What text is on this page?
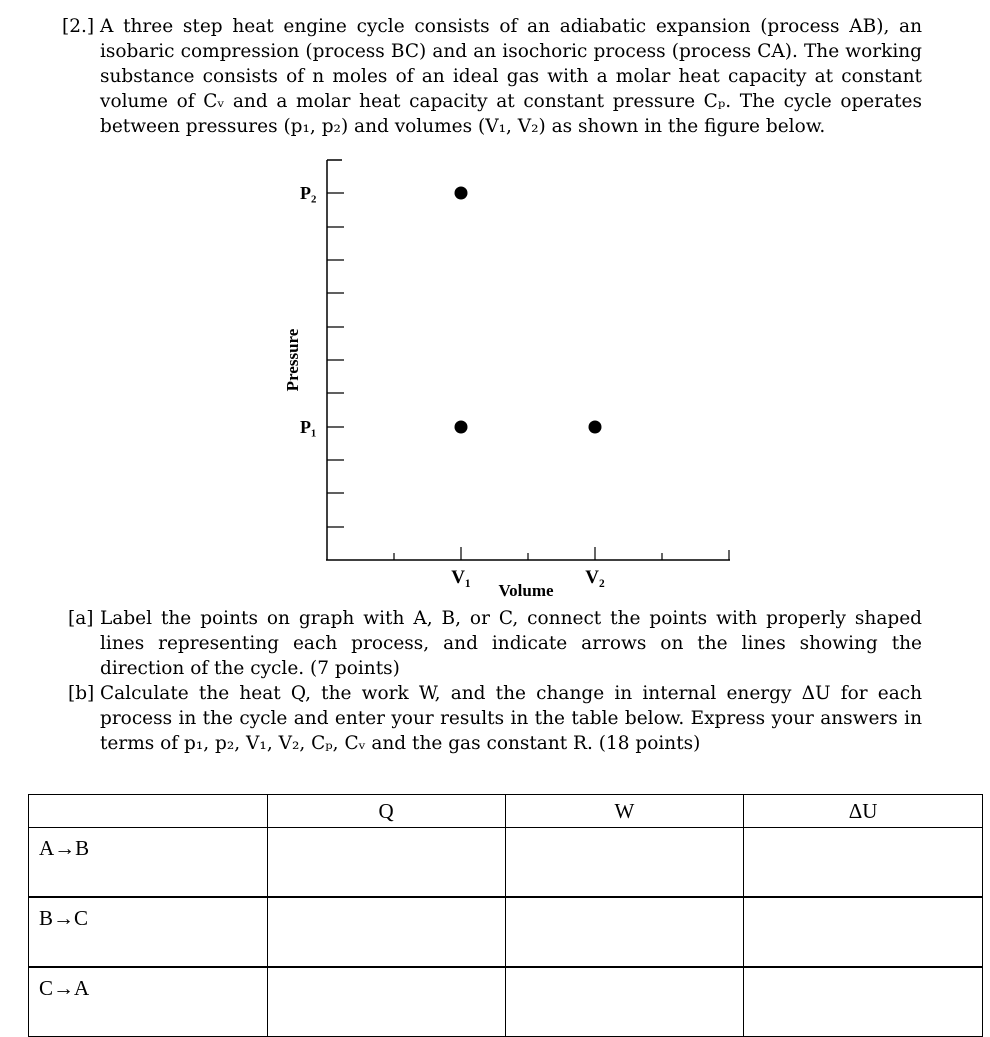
[2.] A three step heat engine cycle consists of an adiabatic expansion (process AB), an isobaric compression (process BC) and an isochoric process (process CA). The working substance consists of n moles of an ideal gas with a molar heat capacity at constant volume of Cᵥ and a molar heat capacity at constant pressure Cₚ. The cycle operates between pressures (p₁, p₂) and volumes (V₁, V₂) as shown in the figure below.
P₂
P₁
V₁	V₂
Pressure
Volume
[a] Label the points on graph with A, B, or C, connect the points with properly shaped lines representing each process, and indicate arrows on the lines showing the direction of the cycle. (7 points)
[b] Calculate the heat Q, the work W, and the change in internal energy ΔU for each process in the cycle and enter your results in the table below. Express your answers in terms of p₁, p₂, V₁, V₂, Cₚ, Cᵥ and the gas constant R. (18 points)
	Q	W	ΔU
A→B			
B→C			
C→A			
